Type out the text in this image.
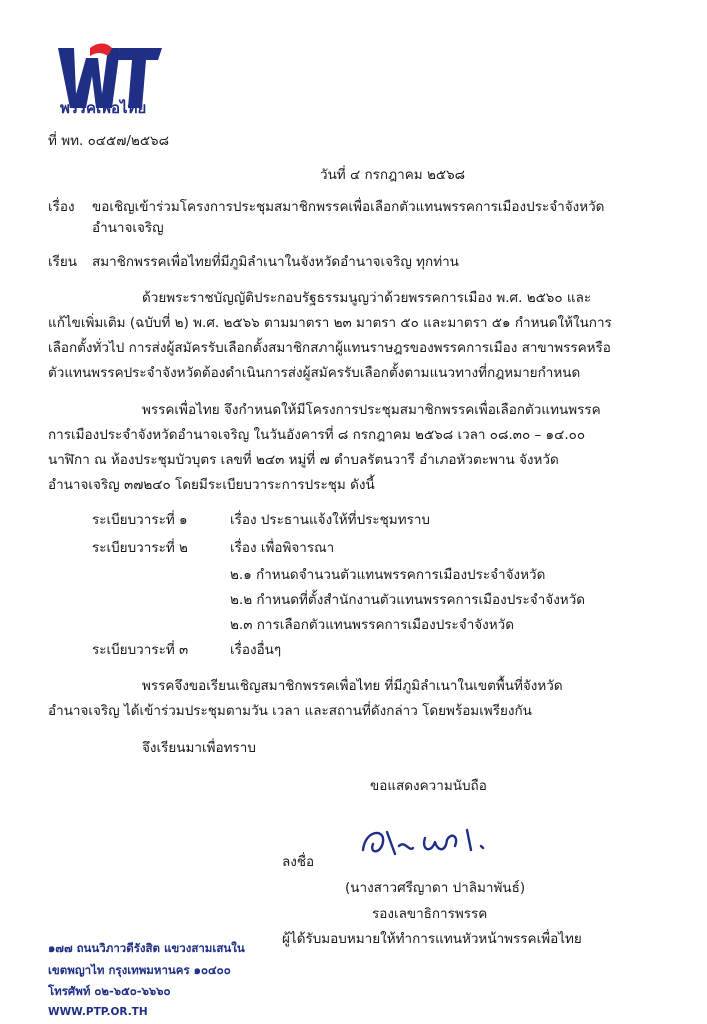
พรรคเพื่อไทย
ที่ พท. ๐๔๕๗/๒๕๖๘
วันที่ ๔ กรกฎาคม ๒๕๖๘
เรื่อง ขอเชิญเข้าร่วมโครงการประชุมสมาชิกพรรคเพื่อเลือกตัวแทนพรรคการเมืองประจำจังหวัด
อำนาจเจริญ
เรียน สมาชิกพรรคเพื่อไทยที่มีภูมิลำเนาในจังหวัดอำนาจเจริญ ทุกท่าน
ด้วยพระราชบัญญัติประกอบรัฐธรรมนูญว่าด้วยพรรคการเมือง พ.ศ. ๒๕๖๐ และ
แก้ไขเพิ่มเติม (ฉบับที่ ๒) พ.ศ. ๒๕๖๖ ตามมาตรา ๒๓ มาตรา ๕๐ และมาตรา ๕๑ กำหนดให้ในการ
เลือกตั้งทั่วไป การส่งผู้สมัครรับเลือกตั้งสมาชิกสภาผู้แทนราษฎรของพรรคการเมือง สาขาพรรคหรือ
ตัวแทนพรรคประจำจังหวัดต้องดำเนินการส่งผู้สมัครรับเลือกตั้งตามแนวทางที่กฎหมายกำหนด
พรรคเพื่อไทย จึงกำหนดให้มีโครงการประชุมสมาชิกพรรคเพื่อเลือกตัวแทนพรรค
การเมืองประจำจังหวัดอำนาจเจริญ ในวันอังคารที่ ๘ กรกฎาคม ๒๕๖๘ เวลา ๐๘.๓๐ – ๑๔.๐๐
นาฬิกา ณ ห้องประชุมบัวบุตร เลขที่ ๒๔๓ หมู่ที่ ๗ ตำบลรัตนวารี อำเภอหัวตะพาน จังหวัด
อำนาจเจริญ ๓๗๒๔๐ โดยมีระเบียบวาระการประชุม ดังนี้
ระเบียบวาระที่ ๑	เรื่อง ประธานแจ้งให้ที่ประชุมทราบ
ระเบียบวาระที่ ๒	เรื่อง เพื่อพิจารณา
๒.๑ กำหนดจำนวนตัวแทนพรรคการเมืองประจำจังหวัด
๒.๒ กำหนดที่ตั้งสำนักงานตัวแทนพรรคการเมืองประจำจังหวัด
๒.๓ การเลือกตัวแทนพรรคการเมืองประจำจังหวัด
ระเบียบวาระที่ ๓	เรื่องอื่นๆ
พรรคจึงขอเรียนเชิญสมาชิกพรรคเพื่อไทย ที่มีภูมิลำเนาในเขตพื้นที่จังหวัด
อำนาจเจริญ ได้เข้าร่วมประชุมตามวัน เวลา และสถานที่ดังกล่าว โดยพร้อมเพรียงกัน
จึงเรียนมาเพื่อทราบ
ขอแสดงความนับถือ
ลงชื่อ
(นางสาวศรีญาดา ปาลิมาพันธ์)
รองเลขาธิการพรรค
ผู้ได้รับมอบหมายให้ทำการแทนหัวหน้าพรรคเพื่อไทย
๑๗๗ ถนนวิภาวดีรังสิต แขวงสามเสนใน
เขตพญาไท กรุงเทพมหานคร ๑๐๔๐๐
โทรศัพท์ ๐๒-๖๕๐-๖๖๖๐
WWW.PTP.OR.TH
